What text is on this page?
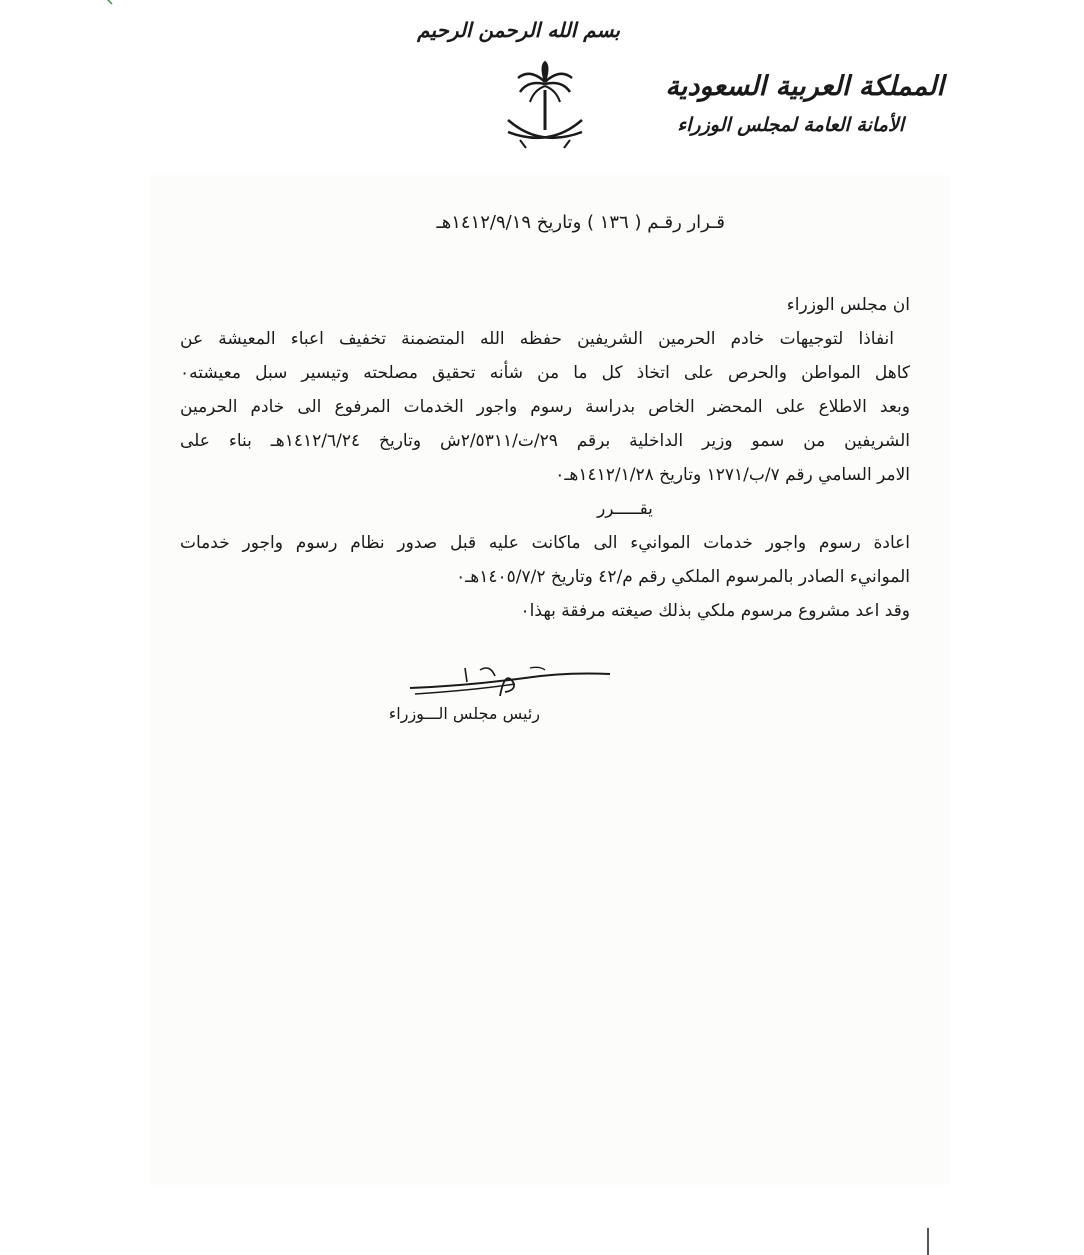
بسم الله الرحمن الرحيم
المملكة العربية السعودية
الأمانة العامة لمجلس الوزراء
قـرار رقـم ( ١٣٦ ) وتاريخ ١٤١٢/٩/١٩هـ
ان مجلس الوزراء
انفاذا لتوجيهات خادم الحرمين الشريفين حفظه الله المتضمنة تخفيف اعباء المعيشة عن
كاهل المواطن والحرص على اتخاذ كل ما من شأنه تحقيق مصلحته وتيسير سبل معيشته٠
وبعد الاطلاع على المحضر الخاص بدراسة رسوم واجور الخدمات المرفوع الى خادم الحرمين
الشريفين من سمو وزير الداخلية برقم ٢٩/ت/٢/٥٣١١ش وتاريخ ١٤١٢/٦/٢٤هـ بناء على
الامر السامي رقم ٧/ب/١٢٧١ وتاريخ ١٤١٢/١/٢٨هـ٠
يقـــــرر
اعادة رسوم واجور خدمات الموانيء الى ماكانت عليه قبل صدور نظام رسوم واجور خدمات
الموانيء الصادر بالمرسوم الملكي رقم م/٤٢ وتاريخ ١٤٠٥/٧/٢هـ٠
وقد اعد مشروع مرسوم ملكي بذلك صيغته مرفقة بهذا٠
رئيس مجلس الـــوزراء
